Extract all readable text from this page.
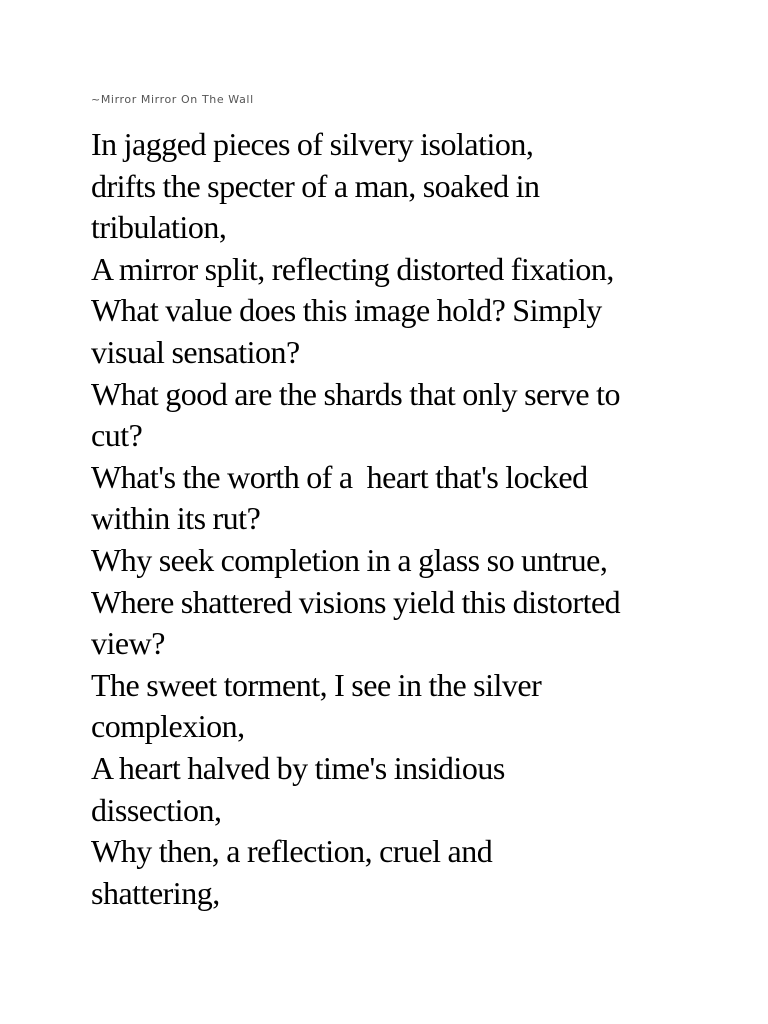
~Mirror Mirror On The Wall
In jagged pieces of silvery isolation,
drifts the specter of a man, soaked in
tribulation,
A mirror split, reflecting distorted fixation,
What value does this image hold? Simply
visual sensation?
What good are the shards that only serve to
cut?
What's the worth of a  heart that's locked
within its rut?
Why seek completion in a glass so untrue,
Where shattered visions yield this distorted
view?
The sweet torment, I see in the silver
complexion,
A heart halved by time's insidious
dissection,
Why then, a reflection, cruel and
shattering,
